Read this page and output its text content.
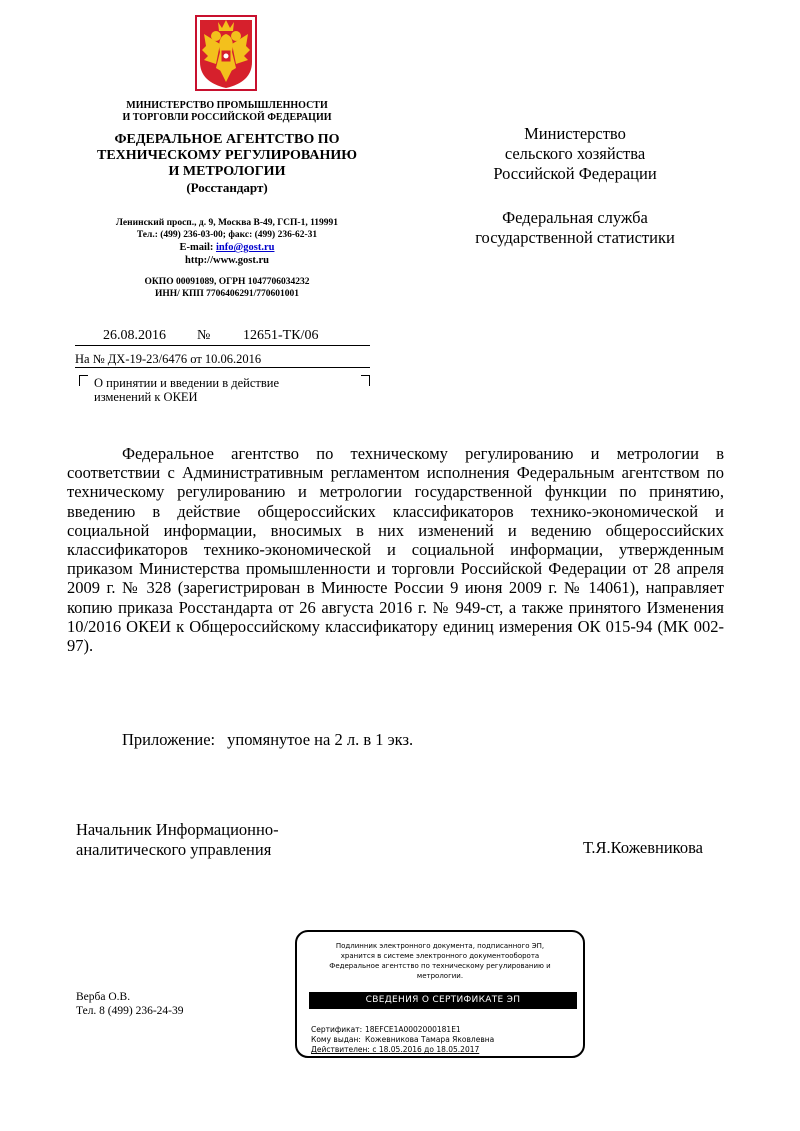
МИНИСТЕРСТВО ПРОМЫШЛЕННОСТИ
И ТОРГОВЛИ РОССИЙСКОЙ ФЕДЕРАЦИИ
ФЕДЕРАЛЬНОЕ АГЕНТСТВО ПО
ТЕХНИЧЕСКОМУ РЕГУЛИРОВАНИЮ
И МЕТРОЛОГИИ
(Росстандарт)
Ленинский просп., д. 9, Москва В-49, ГСП-1, 119991
Тел.: (499) 236-03-00; факс: (499) 236-62-31
E-mail: info@gost.ru
http://www.gost.ru
ОКПО 00091089, ОГРН 1047706034232
ИНН/ КПП 7706406291/770601001
Министерство
сельского хозяйства
Российской Федерации
Федеральная служба
государственной статистики
26.08.2016 № 12651-ТК/06
На № ДХ-19-23/6476 от 10.06.2016
О принятии и введении в действие
изменений к ОКЕИ
Федеральное агентство по техническому регулированию и метрологии в соответствии с Административным регламентом исполнения Федеральным агентством по техническому регулированию и метрологии государственной функции по принятию, введению в действие общероссийских классификаторов технико-экономической и социальной информации, вносимых в них изменений и ведению общероссийских классификаторов технико-экономической и социальной информации, утвержденным приказом Министерства промышленности и торговли Российской Федерации от 28 апреля 2009 г. № 328 (зарегистрирован в Минюсте России 9 июня 2009 г. № 14061), направляет копию приказа Росстандарта от 26 августа 2016 г. № 949-ст, а также принятого Изменения 10/2016 ОКЕИ к Общероссийскому классификатору единиц измерения ОК 015-94 (МК 002-97).
Приложение: упомянутое на 2 л. в 1 экз.
Начальник Информационно-
аналитического управления	Т.Я.Кожевникова
Верба О.В.
Тел. 8 (499) 236-24-39
Подлинник электронного документа, подписанного ЭП,
хранится в системе электронного документооборота
Федеральное агентство по техническому регулированию и
метрологии.
СВЕДЕНИЯ О СЕРТИФИКАТЕ ЭП
Сертификат: 18EFCE1A0002000181E1
Кому выдан: Кожевникова Тамара Яковлевна
Действителен: с 18.05.2016 до 18.05.2017
